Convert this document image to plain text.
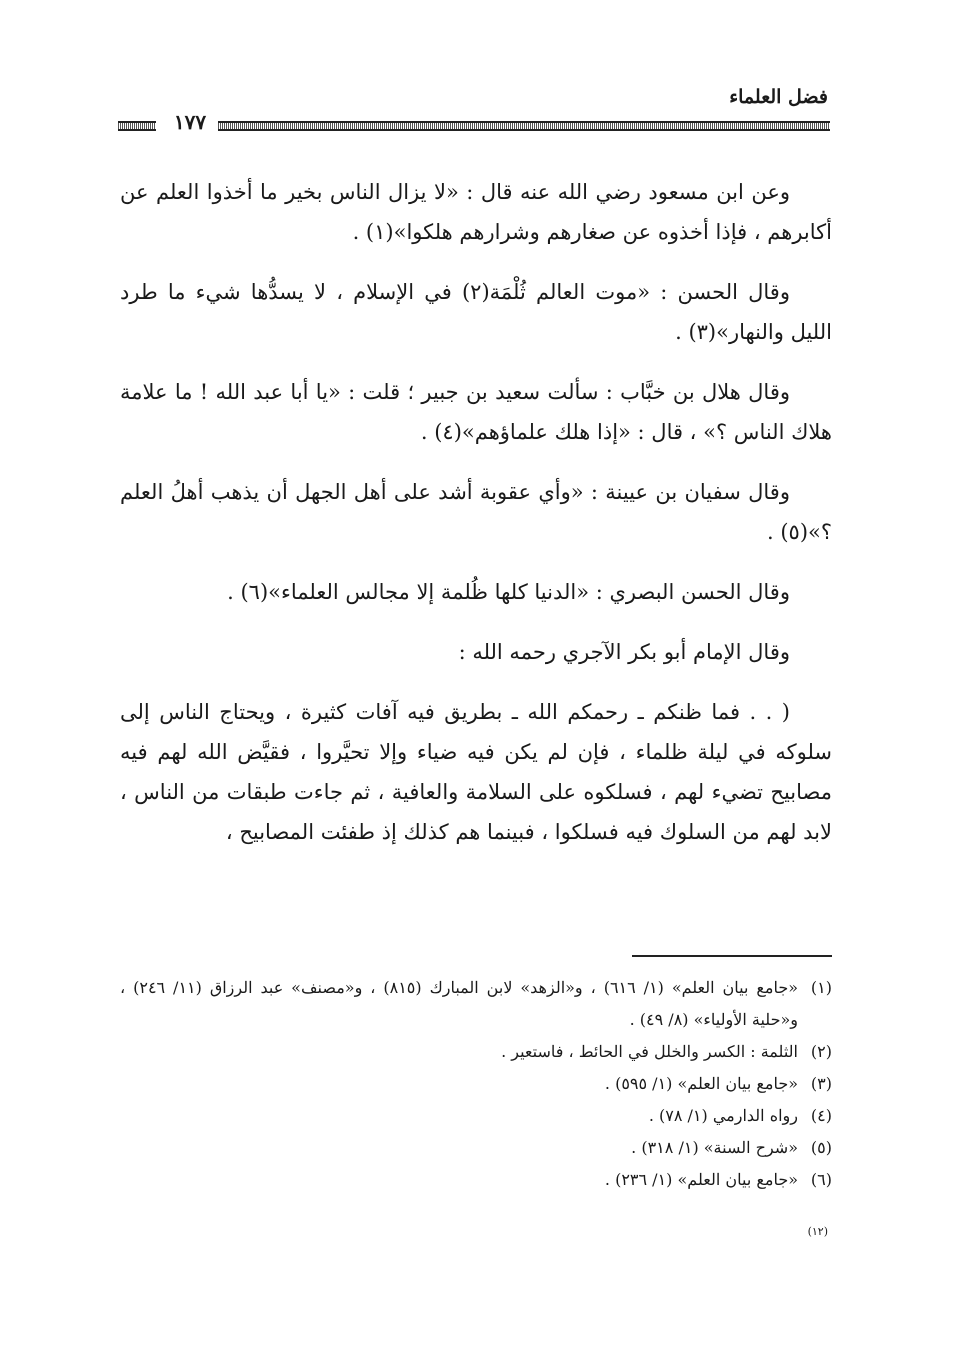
فضل العلماء
١٧٧

وعن ابن مسعود رضي الله عنه قال : «لا يزال الناس بخير ما أخذوا العلم عن أكابرهم ، فإذا أخذوه عن صغارهم وشرارهم هلكوا»(١) .

وقال الحسن : «موت العالم ثُلْمَة(٢) في الإسلام ، لا يسدُّها شيء ما طرد الليل والنهار»(٣) .

وقال هلال بن خبَّاب : سألت سعيد بن جبير ؛ قلت : «يا أبا عبد الله ! ما علامة هلاك الناس ؟» ، قال : «إذا هلك علماؤهم»(٤) .

وقال سفيان بن عيينة : «وأي عقوبة أشد على أهل الجهل أن يذهب أهلُ العلم ؟»(٥) .

وقال الحسن البصري : «الدنيا كلها ظُلمة إلا مجالس العلماء»(٦) .

وقال الإمام أبو بكر الآجري رحمه الله :

( . . فما ظنكم ـ رحمكم الله ـ بطريق فيه آفات كثيرة ، ويحتاج الناس إلى سلوكه في ليلة ظلماء ، فإن لم يكن فيه ضياء وإلا تحيَّروا ، فقيَّض الله لهم فيه مصابيح تضيء لهم ، فسلكوه على السلامة والعافية ، ثم جاءت طبقات من الناس ، لابد لهم من السلوك فيه فسلكوا ، فبينما هم كذلك إذ طفئت المصابيح ،

(١)«جامع بيان العلم» (١/ ٦١٦) ، و«الزهد» لابن المبارك (٨١٥) ، و«مصنف» عبد الرزاق (١١/ ٢٤٦) ، و«حلية الأولياء» (٨/ ٤٩) .

(٢)الثلمة : الكسر والخلل في الحائط ، فاستعير .

(٣)«جامع بيان العلم» (١/ ٥٩٥) .

(٤)رواه الدارمي (١/ ٧٨) .

(٥)«شرح السنة» (١/ ٣١٨) .

(٦)«جامع بيان العلم» (١/ ٢٣٦) .

(١٢)
